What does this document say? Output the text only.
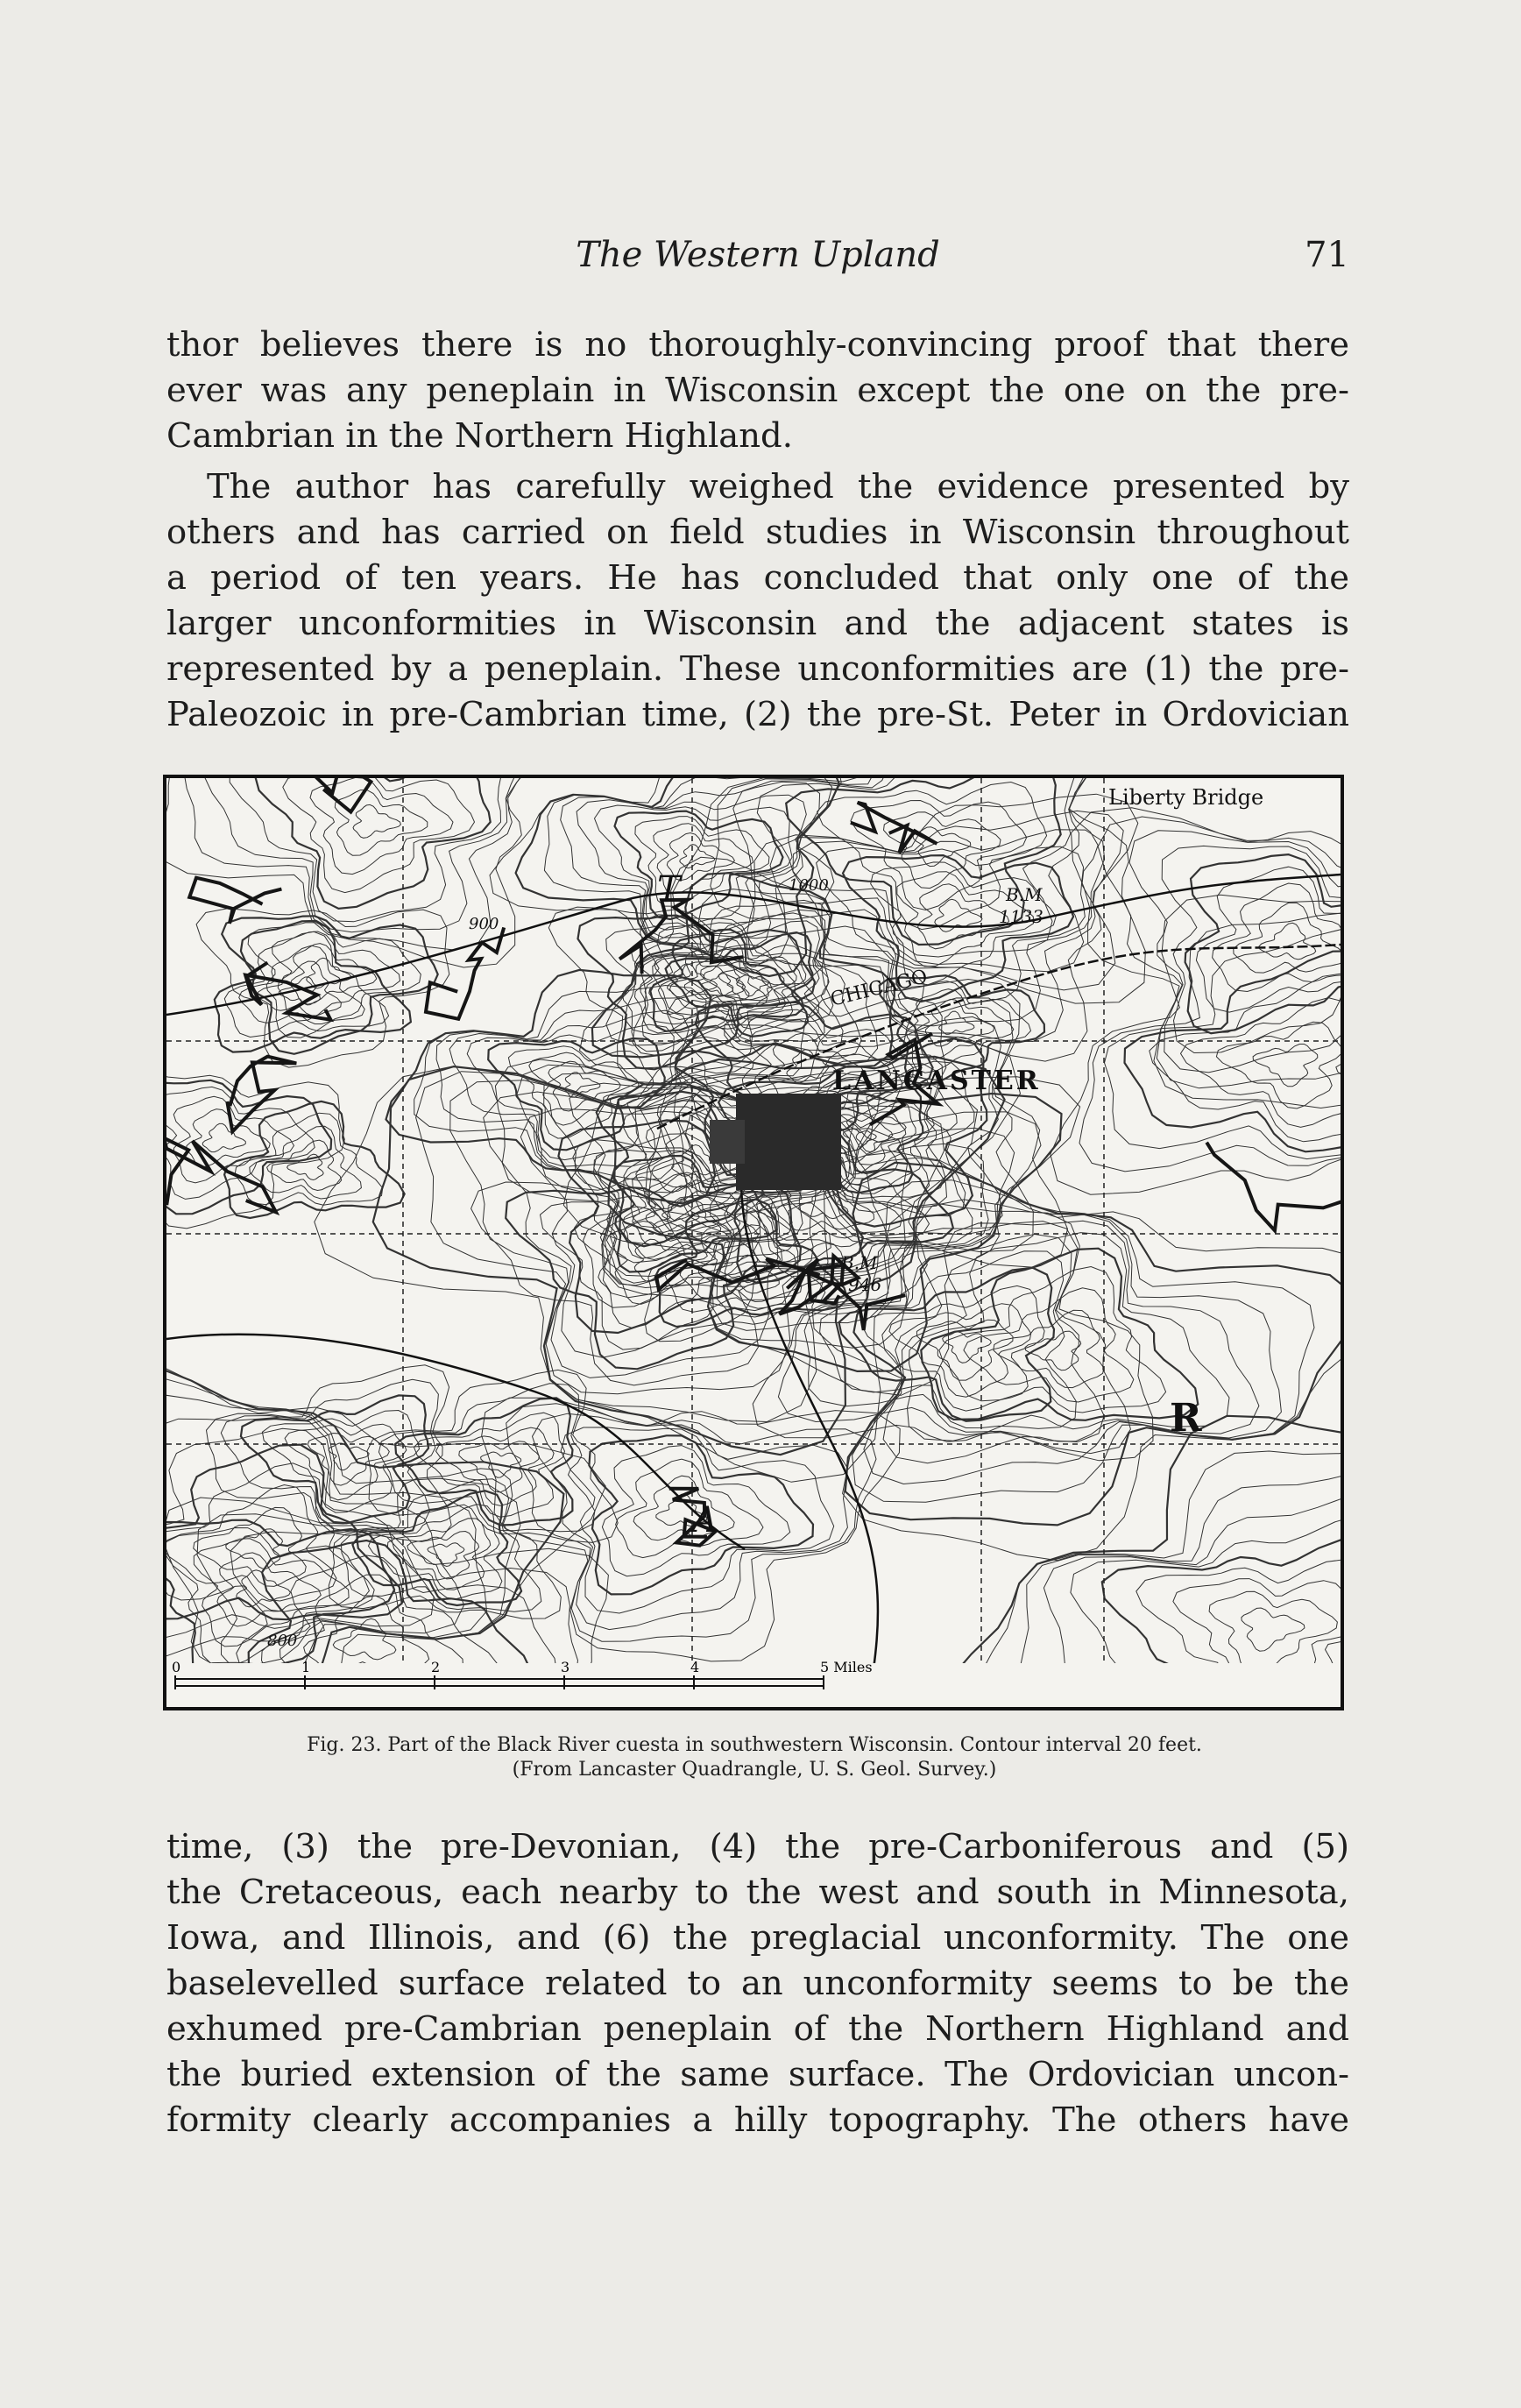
The Western Upland	71
thor believes there is no thoroughly-convincing proof that there
ever was any peneplain in Wisconsin except the one on the pre-
Cambrian in the Northern Highland.
The author has carefully weighed the evidence presented by
others and has carried on field studies in Wisconsin throughout
a period of ten years. He has concluded that only one of the
larger unconformities in Wisconsin and the adjacent states is
represented by a peneplain. These unconformities are (1) the pre-
Paleozoic in pre-Cambrian time, (2) the pre-St. Peter in Ordovician
LANCASTER
CHICAGO
B.M
1133
B.M
946
Liberty Bridge
1000
900
800
R
T
A
0	1	2	3	4	5 Miles
Fig. 23. Part of the Black River cuesta in southwestern Wisconsin. Contour interval 20 feet.
(From Lancaster Quadrangle, U. S. Geol. Survey.)
time, (3) the pre-Devonian, (4) the pre-Carboniferous and (5)
the Cretaceous, each nearby to the west and south in Minnesota,
Iowa, and Illinois, and (6) the preglacial unconformity. The one
baselevelled surface related to an unconformity seems to be the
exhumed pre-Cambrian peneplain of the Northern Highland and
the buried extension of the same surface. The Ordovician uncon-
formity clearly accompanies a hilly topography. The others have
